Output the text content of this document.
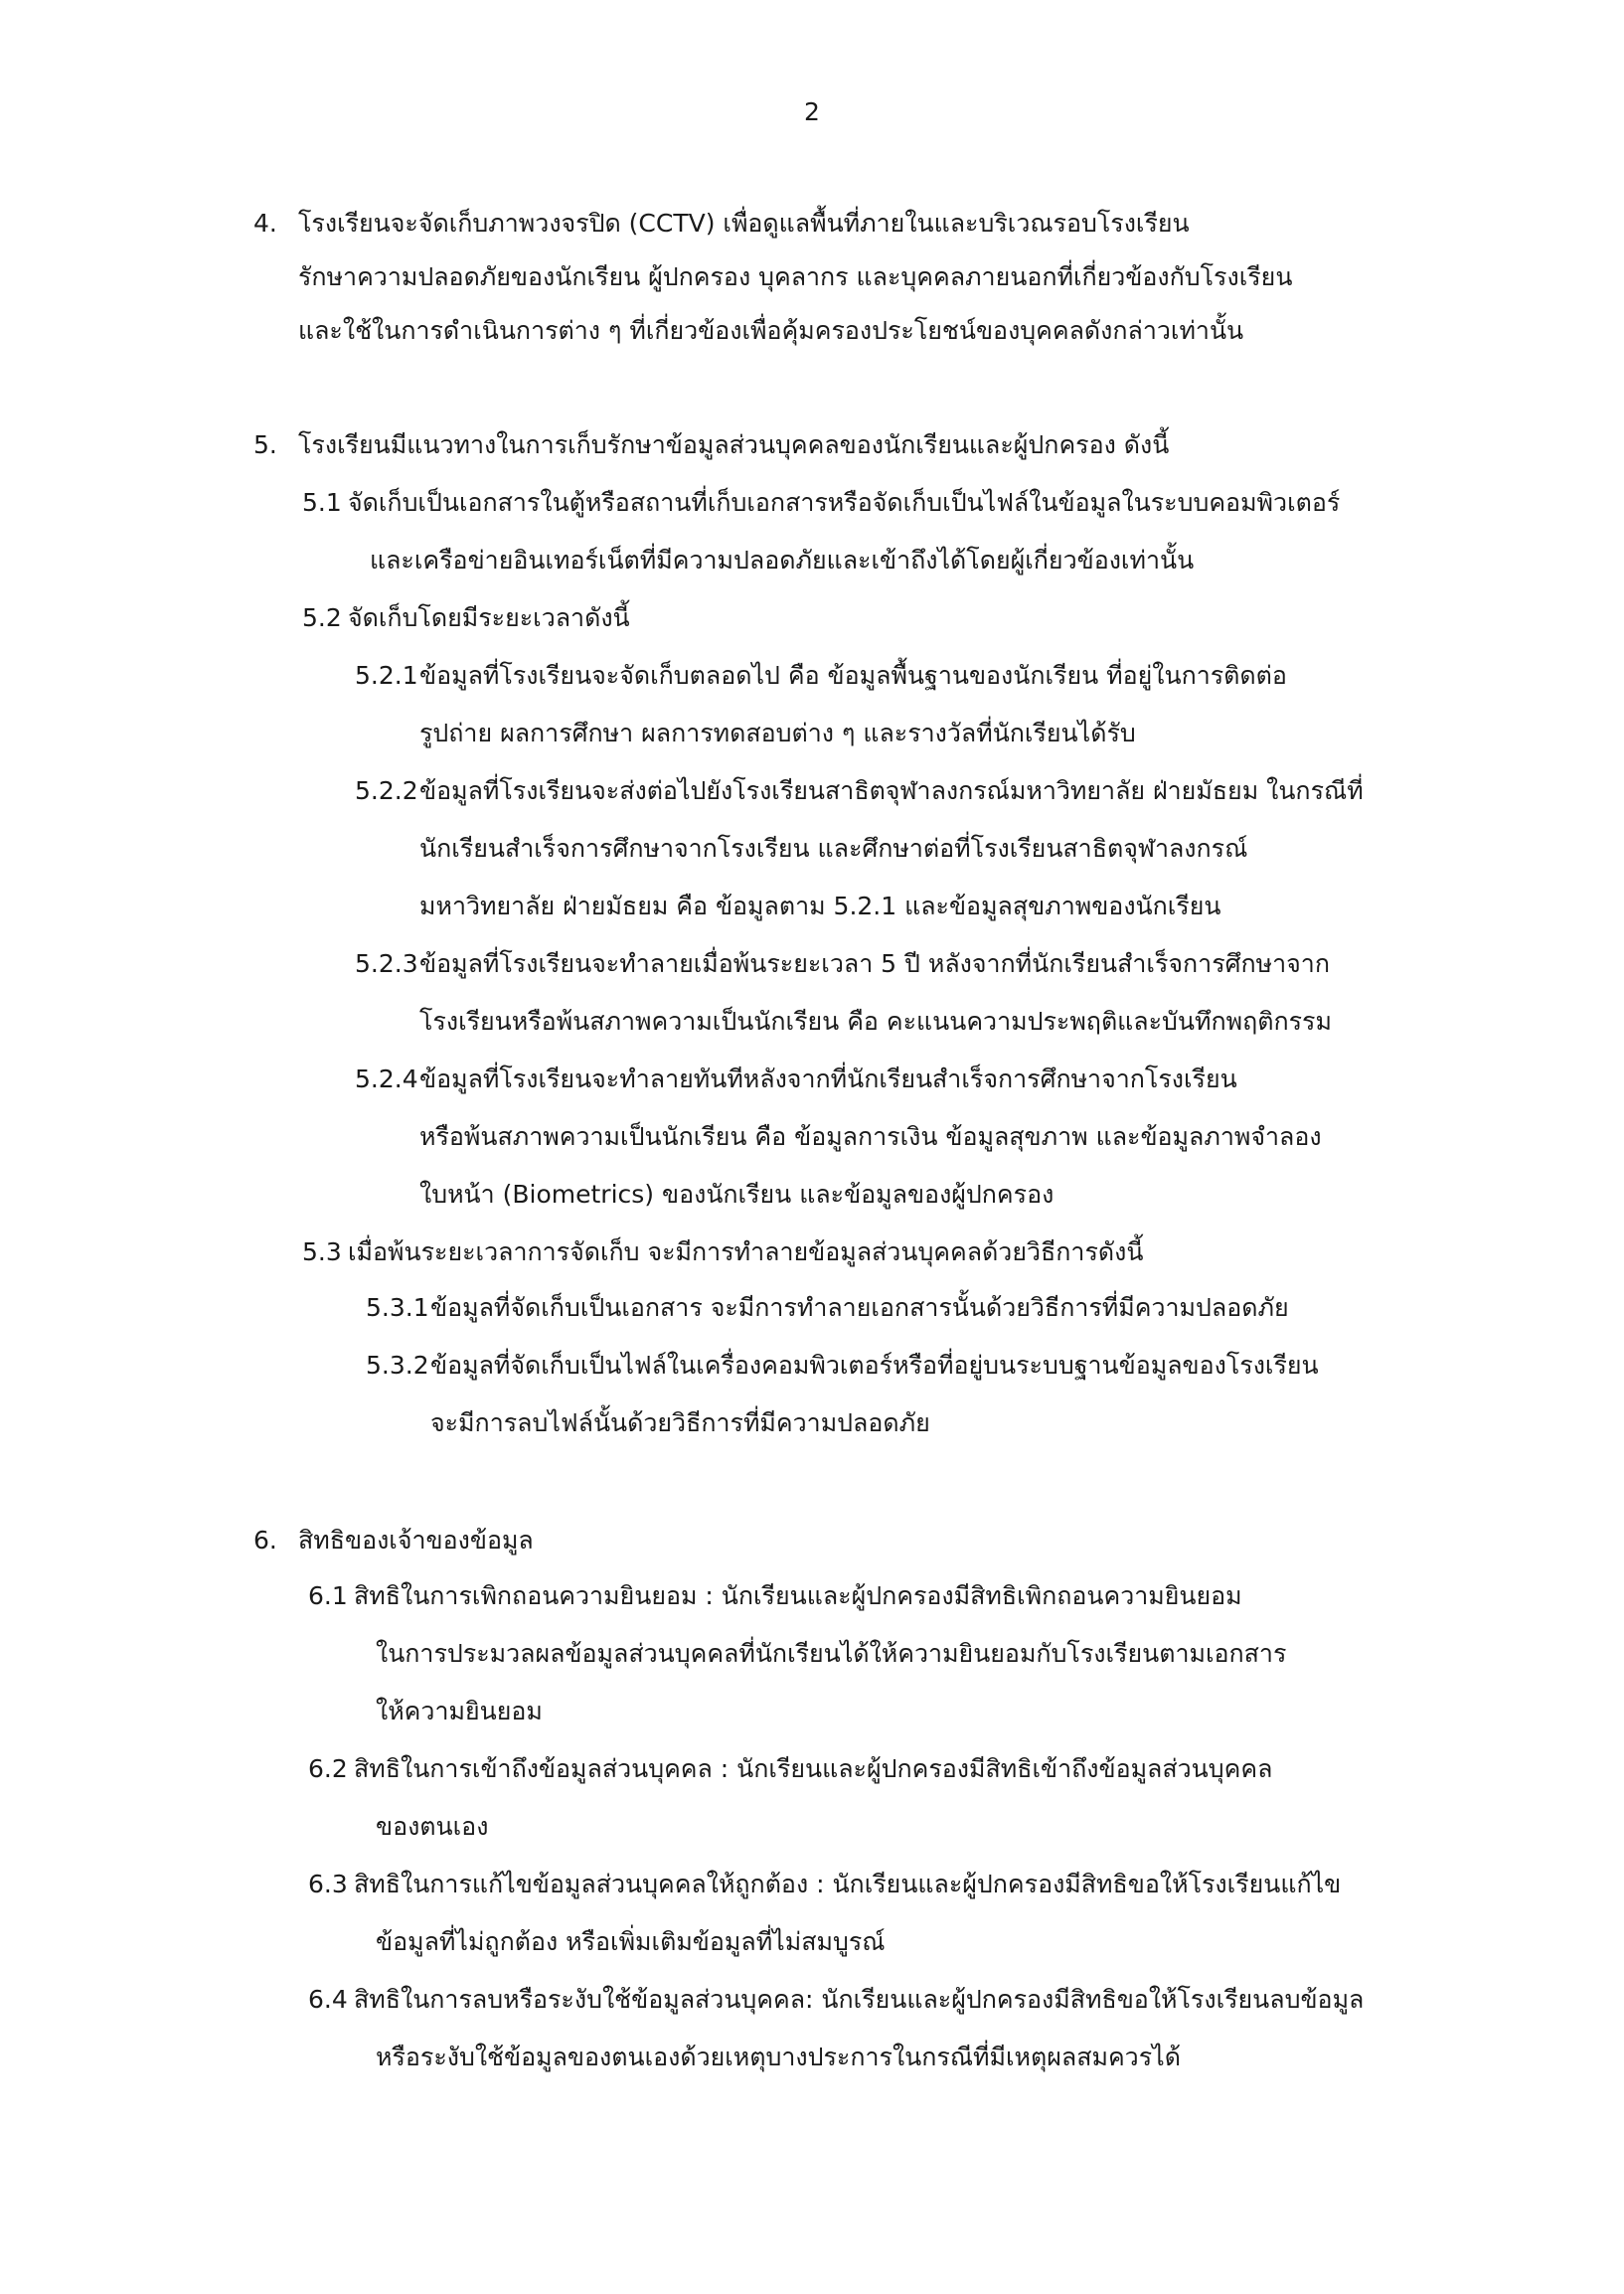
2
4. โรงเรียนจะจัดเก็บภาพวงจรปิด (CCTV) เพื่อดูแลพื้นที่ภายในและบริเวณรอบโรงเรียน
รักษาความปลอดภัยของนักเรียน ผู้ปกครอง บุคลากร และบุคคลภายนอกที่เกี่ยวข้องกับโรงเรียน
และใช้ในการดำเนินการต่าง ๆ ที่เกี่ยวข้องเพื่อคุ้มครองประโยชน์ของบุคคลดังกล่าวเท่านั้น
5. โรงเรียนมีแนวทางในการเก็บรักษาข้อมูลส่วนบุคคลของนักเรียนและผู้ปกครอง ดังนี้
5.1 จัดเก็บเป็นเอกสารในตู้หรือสถานที่เก็บเอกสารหรือจัดเก็บเป็นไฟล์ในข้อมูลในระบบคอมพิวเตอร์
และเครือข่ายอินเทอร์เน็ตที่มีความปลอดภัยและเข้าถึงได้โดยผู้เกี่ยวข้องเท่านั้น
5.2 จัดเก็บโดยมีระยะเวลาดังนี้
5.2.1ข้อมูลที่โรงเรียนจะจัดเก็บตลอดไป คือ ข้อมูลพื้นฐานของนักเรียน ที่อยู่ในการติดต่อ
รูปถ่าย ผลการศึกษา ผลการทดสอบต่าง ๆ และรางวัลที่นักเรียนได้รับ
5.2.2ข้อมูลที่โรงเรียนจะส่งต่อไปยังโรงเรียนสาธิตจุฬาลงกรณ์มหาวิทยาลัย ฝ่ายมัธยม ในกรณีที่
นักเรียนสำเร็จการศึกษาจากโรงเรียน และศึกษาต่อที่โรงเรียนสาธิตจุฬาลงกรณ์
มหาวิทยาลัย ฝ่ายมัธยม คือ ข้อมูลตาม 5.2.1 และข้อมูลสุขภาพของนักเรียน
5.2.3ข้อมูลที่โรงเรียนจะทำลายเมื่อพ้นระยะเวลา 5 ปี หลังจากที่นักเรียนสำเร็จการศึกษาจาก
โรงเรียนหรือพ้นสภาพความเป็นนักเรียน คือ คะแนนความประพฤติและบันทึกพฤติกรรม
5.2.4ข้อมูลที่โรงเรียนจะทำลายทันทีหลังจากที่นักเรียนสำเร็จการศึกษาจากโรงเรียน
หรือพ้นสภาพความเป็นนักเรียน คือ ข้อมูลการเงิน ข้อมูลสุขภาพ และข้อมูลภาพจำลอง
ใบหน้า (Biometrics) ของนักเรียน และข้อมูลของผู้ปกครอง
5.3 เมื่อพ้นระยะเวลาการจัดเก็บ จะมีการทำลายข้อมูลส่วนบุคคลด้วยวิธีการดังนี้
5.3.1ข้อมูลที่จัดเก็บเป็นเอกสาร จะมีการทำลายเอกสารนั้นด้วยวิธีการที่มีความปลอดภัย
5.3.2ข้อมูลที่จัดเก็บเป็นไฟล์ในเครื่องคอมพิวเตอร์หรือที่อยู่บนระบบฐานข้อมูลของโรงเรียน
จะมีการลบไฟล์นั้นด้วยวิธีการที่มีความปลอดภัย
6. สิทธิของเจ้าของข้อมูล
6.1 สิทธิในการเพิกถอนความยินยอม : นักเรียนและผู้ปกครองมีสิทธิเพิกถอนความยินยอม
ในการประมวลผลข้อมูลส่วนบุคคลที่นักเรียนได้ให้ความยินยอมกับโรงเรียนตามเอกสาร
ให้ความยินยอม
6.2 สิทธิในการเข้าถึงข้อมูลส่วนบุคคล : นักเรียนและผู้ปกครองมีสิทธิเข้าถึงข้อมูลส่วนบุคคล
ของตนเอง
6.3 สิทธิในการแก้ไขข้อมูลส่วนบุคคลให้ถูกต้อง : นักเรียนและผู้ปกครองมีสิทธิขอให้โรงเรียนแก้ไข
ข้อมูลที่ไม่ถูกต้อง หรือเพิ่มเติมข้อมูลที่ไม่สมบูรณ์
6.4 สิทธิในการลบหรือระงับใช้ข้อมูลส่วนบุคคล: นักเรียนและผู้ปกครองมีสิทธิขอให้โรงเรียนลบข้อมูล
หรือระงับใช้ข้อมูลของตนเองด้วยเหตุบางประการในกรณีที่มีเหตุผลสมควรได้
